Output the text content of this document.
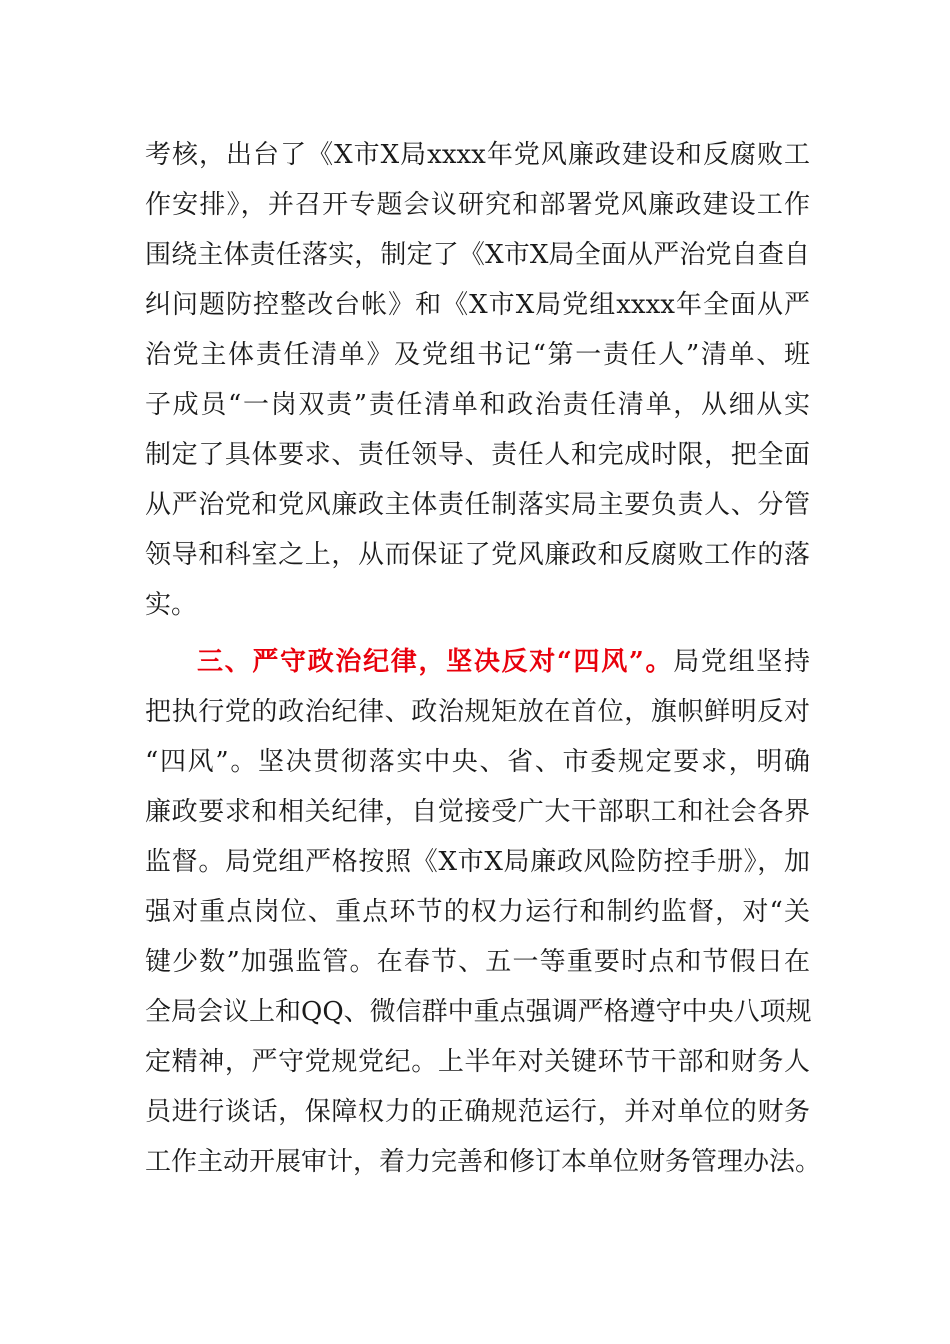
考核，出台了《X市X局xxxx年党风廉政建设和反腐败工
作安排》，并召开专题会议研究和部署党风廉政建设工作
围绕主体责任落实，制定了《X市X局全面从严治党自查自
纠问题防控整改台帐》和《X市X局党组xxxx年全面从严
治党主体责任清单》及党组书记“第一责任人”清单、班
子成员“一岗双责”责任清单和政治责任清单，从细从实
制定了具体要求、责任领导、责任人和完成时限，把全面
从严治党和党风廉政主体责任制落实局主要负责人、分管
领导和科室之上，从而保证了党风廉政和反腐败工作的落
实。
三、严守政治纪律，坚决反对“四风”。局党组坚持
把执行党的政治纪律、政治规矩放在首位，旗帜鲜明反对
“四风”。坚决贯彻落实中央、省、市委规定要求，明确
廉政要求和相关纪律，自觉接受广大干部职工和社会各界
监督。局党组严格按照《X市X局廉政风险防控手册》，加
强对重点岗位、重点环节的权力运行和制约监督，对“关
键少数”加强监管。在春节、五一等重要时点和节假日在
全局会议上和QQ、微信群中重点强调严格遵守中央八项规
定精神，严守党规党纪。上半年对关键环节干部和财务人
员进行谈话，保障权力的正确规范运行，并对单位的财务
工作主动开展审计，着力完善和修订本单位财务管理办法。
